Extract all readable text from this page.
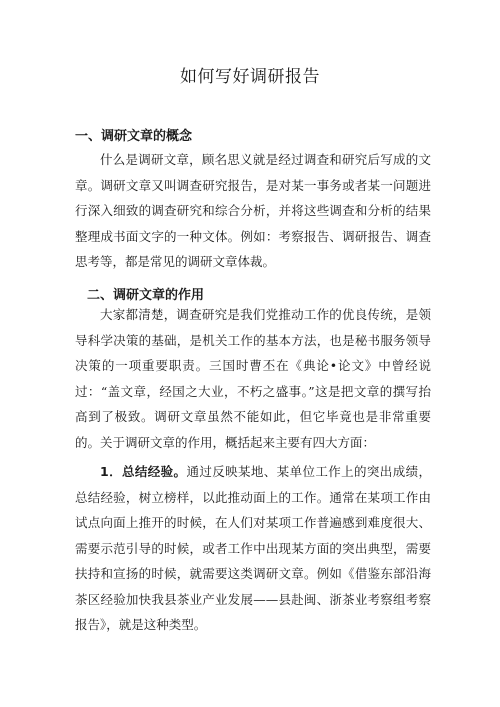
如何写好调研报告
一、调研文章的概念

什么是调研文章，顾名思义就是经过调查和研究后写成的文章。调研文章又叫调查研究报告，是对某一事务或者某一问题进行深入细致的调查研究和综合分析，并将这些调查和分析的结果整理成书面文字的一种文体。例如：考察报告、调研报告、调查思考等，都是常见的调研文章体裁。

二、调研文章的作用

大家都清楚，调查研究是我们党推动工作的优良传统，是领导科学决策的基础，是机关工作的基本方法，也是秘书服务领导决策的一项重要职责。三国时曹丕在《典论•论文》中曾经说过：“盖文章，经国之大业，不朽之盛事。”这是把文章的撰写抬高到了极致。调研文章虽然不能如此，但它毕竟也是非常重要的。关于调研文章的作用，概括起来主要有四大方面：

1．总结经验。通过反映某地、某单位工作上的突出成绩，总结经验，树立榜样，以此推动面上的工作。通常在某项工作由试点向面上推开的时候，在人们对某项工作普遍感到难度很大、需要示范引导的时候，或者工作中出现某方面的突出典型，需要扶持和宣扬的时候，就需要这类调研文章。例如《借鉴东部沿海茶区经验加快我县茶业产业发展——县赴闽、浙茶业考察组考察报告》，就是这种类型。
